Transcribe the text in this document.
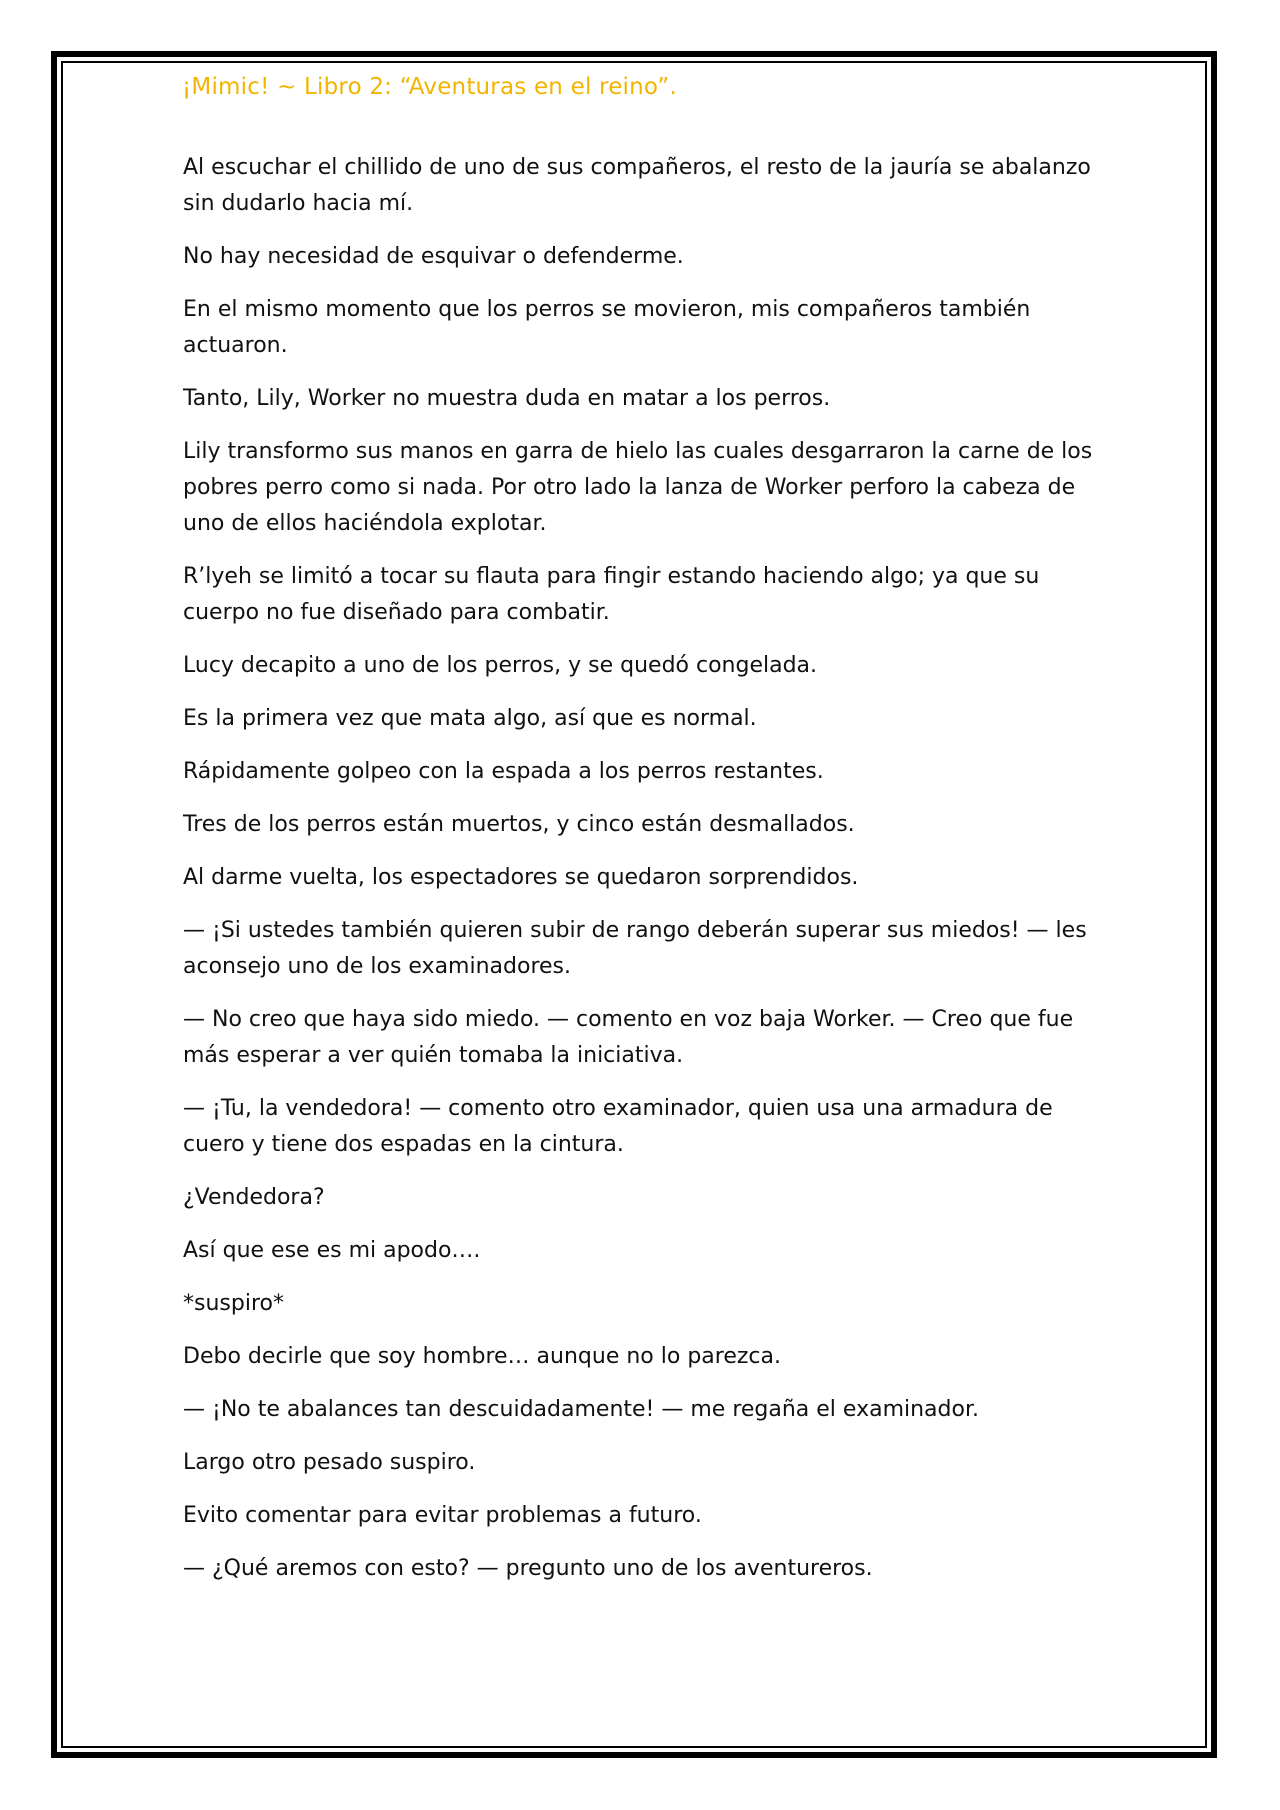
¡Mimic! ~ Libro 2: “Aventuras en el reino”.

Al escuchar el chillido de uno de sus compañeros, el resto de la jauría se abalanzo sin dudarlo hacia mí.

No hay necesidad de esquivar o defenderme.

En el mismo momento que los perros se movieron, mis compañeros también actuaron.

Tanto, Lily, Worker no muestra duda en matar a los perros.

Lily transformo sus manos en garra de hielo las cuales desgarraron la carne de los pobres perro como si nada. Por otro lado la lanza de Worker perforo la cabeza de uno de ellos haciéndola explotar.

R’lyeh se limitó a tocar su flauta para fingir estando haciendo algo; ya que su cuerpo no fue diseñado para combatir.

Lucy decapito a uno de los perros, y se quedó congelada.

Es la primera vez que mata algo, así que es normal.

Rápidamente golpeo con la espada a los perros restantes.

Tres de los perros están muertos, y cinco están desmallados.

Al darme vuelta, los espectadores se quedaron sorprendidos.

— ¡Si ustedes también quieren subir de rango deberán superar sus miedos! — les aconsejo uno de los examinadores.

— No creo que haya sido miedo. — comento en voz baja Worker. — Creo que fue más esperar a ver quién tomaba la iniciativa.

— ¡Tu, la vendedora! — comento otro examinador, quien usa una armadura de cuero y tiene dos espadas en la cintura.

¿Vendedora?

Así que ese es mi apodo….

*suspiro*

Debo decirle que soy hombre… aunque no lo parezca.

— ¡No te abalances tan descuidadamente! — me regaña el examinador.

Largo otro pesado suspiro.

Evito comentar para evitar problemas a futuro.

— ¿Qué aremos con esto? — pregunto uno de los aventureros.
